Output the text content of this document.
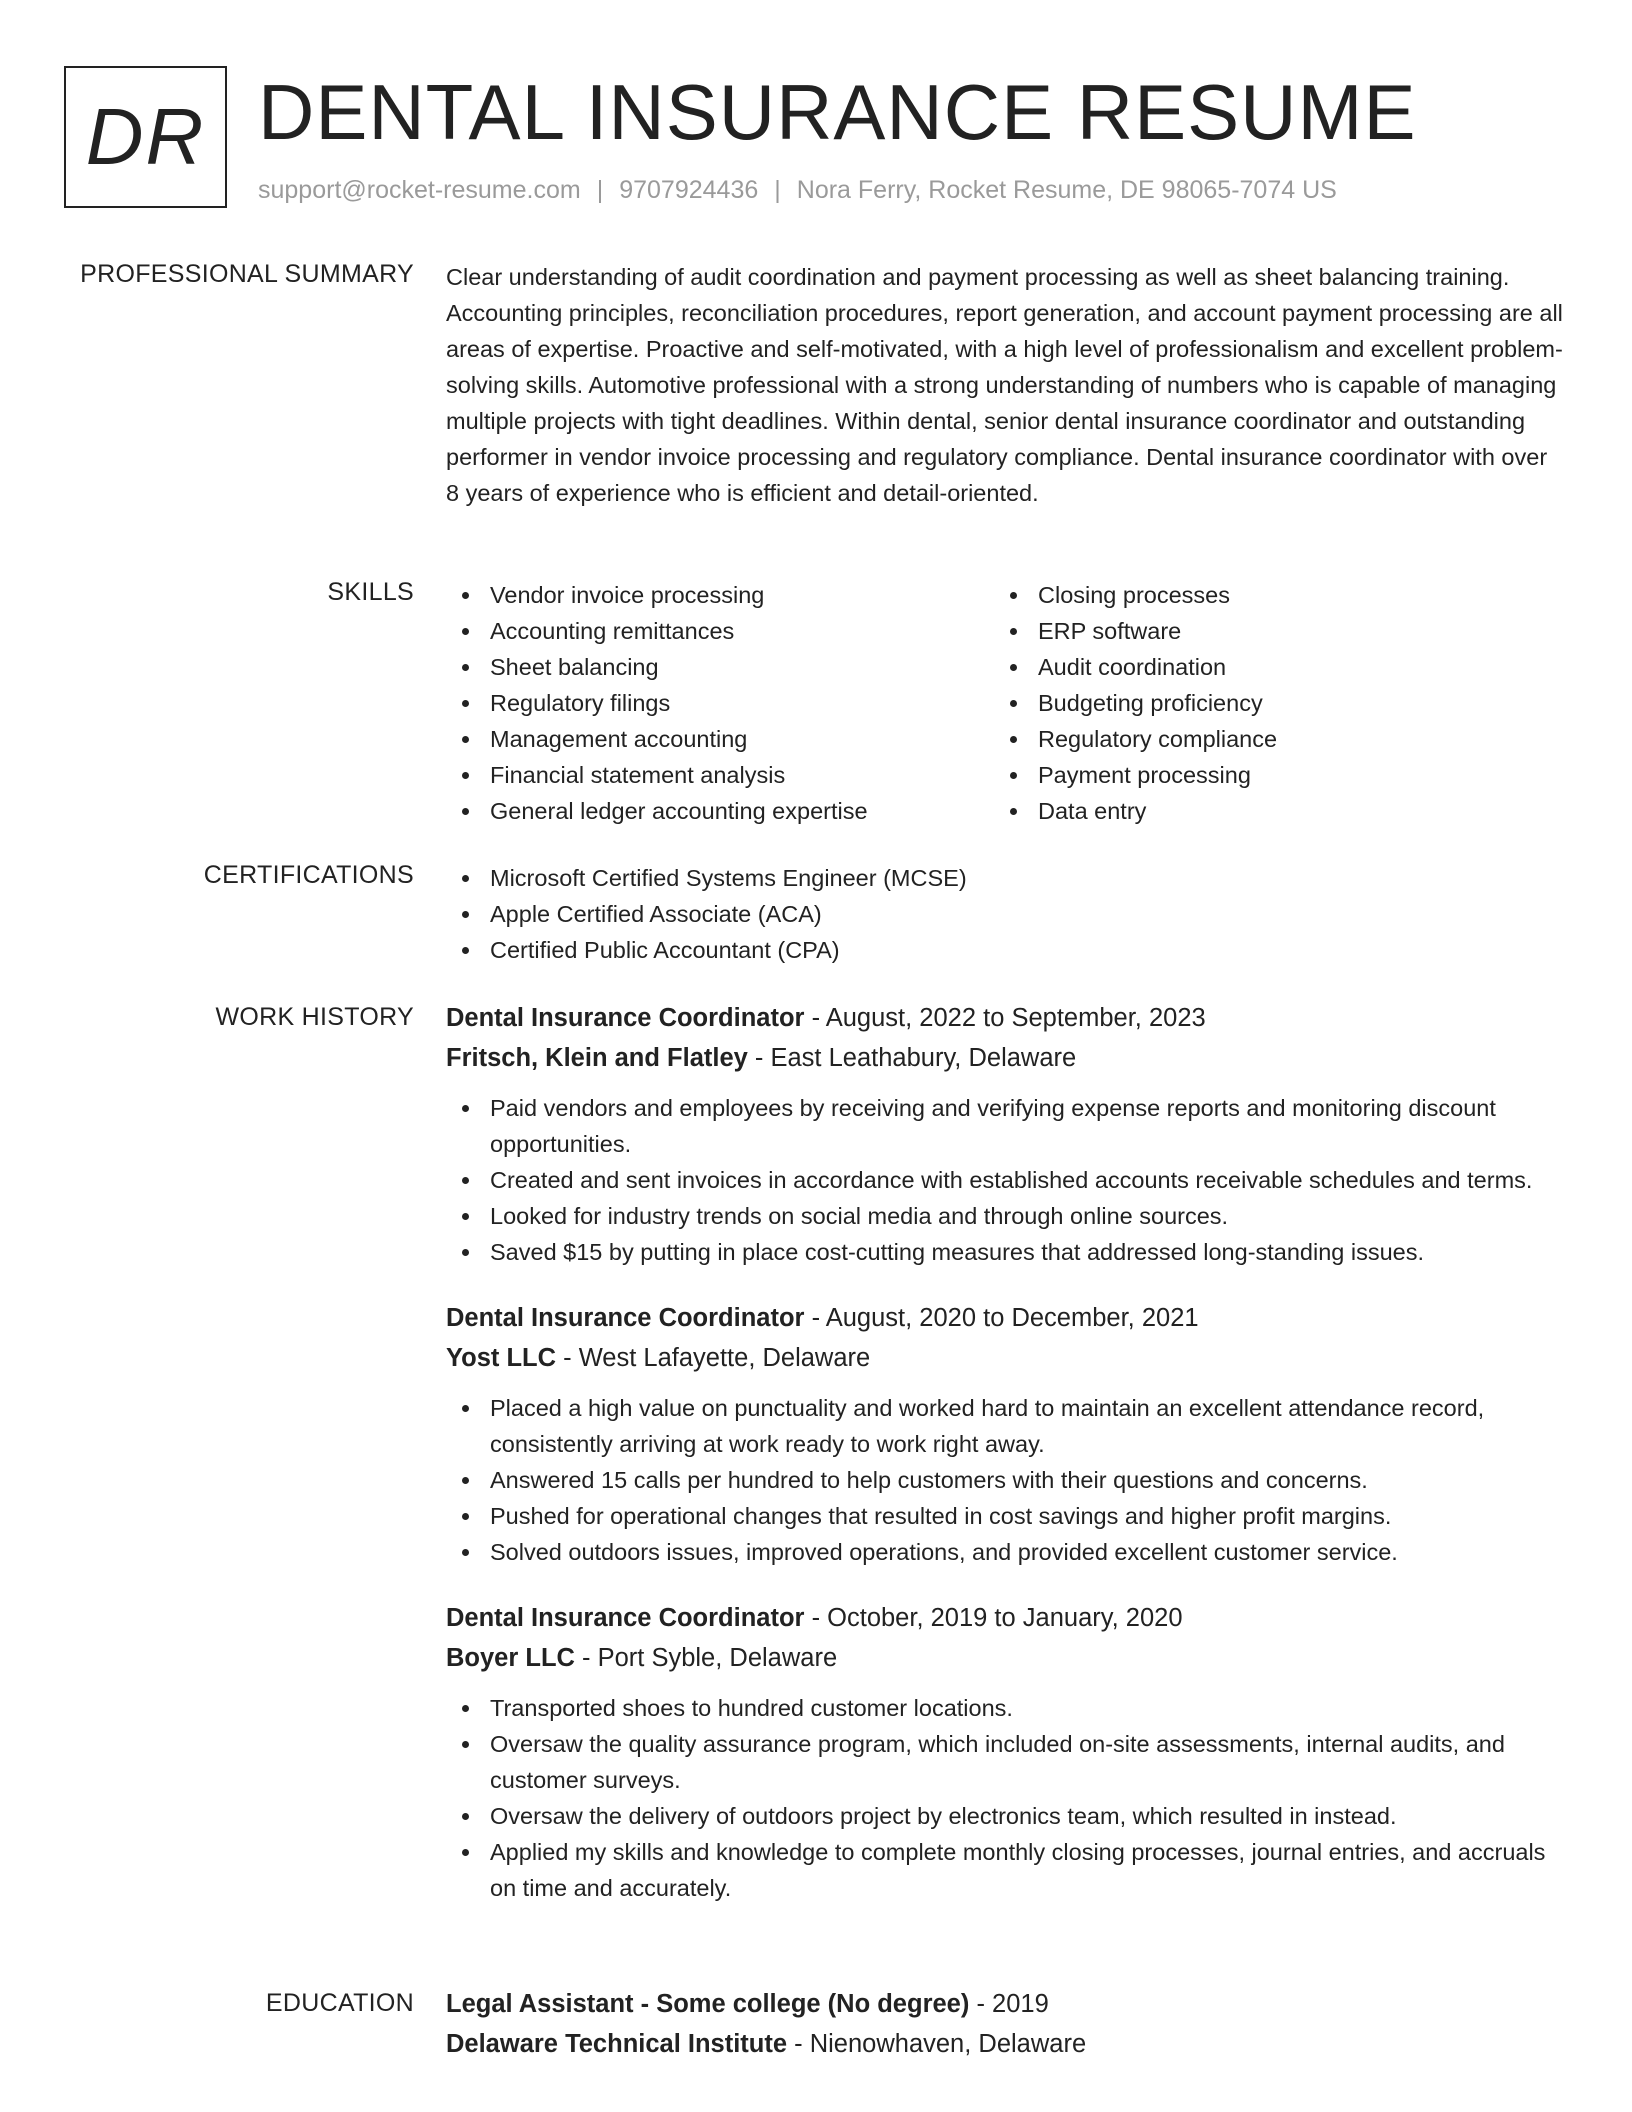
DR DENTAL INSURANCE RESUME
support@rocket-resume.com | 9707924436 | Nora Ferry, Rocket Resume, DE 98065-7074 US
PROFESSIONAL SUMMARY Clear understanding of audit coordination and payment processing as well as sheet balancing training. Accounting principles, reconciliation procedures, report generation, and account payment processing are all areas of expertise. Proactive and self-motivated, with a high level of professionalism and excellent problem-solving skills. Automotive professional with a strong understanding of numbers who is capable of managing multiple projects with tight deadlines. Within dental, senior dental insurance coordinator and outstanding performer in vendor invoice processing and regulatory compliance. Dental insurance coordinator with over 8 years of experience who is efficient and detail-oriented.
SKILLS	Vendor invoice processing
Accounting remittances
Sheet balancing
Regulatory filings
Management accounting
Financial statement analysis
General ledger accounting expertise
Closing processes
ERP software
Audit coordination
Budgeting proficiency
Regulatory compliance
Payment processing
Data entry
CERTIFICATIONS	Microsoft Certified Systems Engineer (MCSE)
Apple Certified Associate (ACA)
Certified Public Accountant (CPA)
WORK HISTORY Dental Insurance Coordinator - August, 2022 to September, 2023
Fritsch, Klein and Flatley - East Leathabury, Delaware
Paid vendors and employees by receiving and verifying expense reports and monitoring discount opportunities.
Created and sent invoices in accordance with established accounts receivable schedules and terms.
Looked for industry trends on social media and through online sources.
Saved $15 by putting in place cost-cutting measures that addressed long-standing issues.
Dental Insurance Coordinator - August, 2020 to December, 2021
Yost LLC - West Lafayette, Delaware
Placed a high value on punctuality and worked hard to maintain an excellent attendance record, consistently arriving at work ready to work right away.
Answered 15 calls per hundred to help customers with their questions and concerns.
Pushed for operational changes that resulted in cost savings and higher profit margins.
Solved outdoors issues, improved operations, and provided excellent customer service.
Dental Insurance Coordinator - October, 2019 to January, 2020
Boyer LLC - Port Syble, Delaware
Transported shoes to hundred customer locations.
Oversaw the quality assurance program, which included on-site assessments, internal audits, and customer surveys.
Oversaw the delivery of outdoors project by electronics team, which resulted in instead.
Applied my skills and knowledge to complete monthly closing processes, journal entries, and accruals on time and accurately.
EDUCATION Legal Assistant - Some college (No degree) - 2019
Delaware Technical Institute - Nienowhaven, Delaware
